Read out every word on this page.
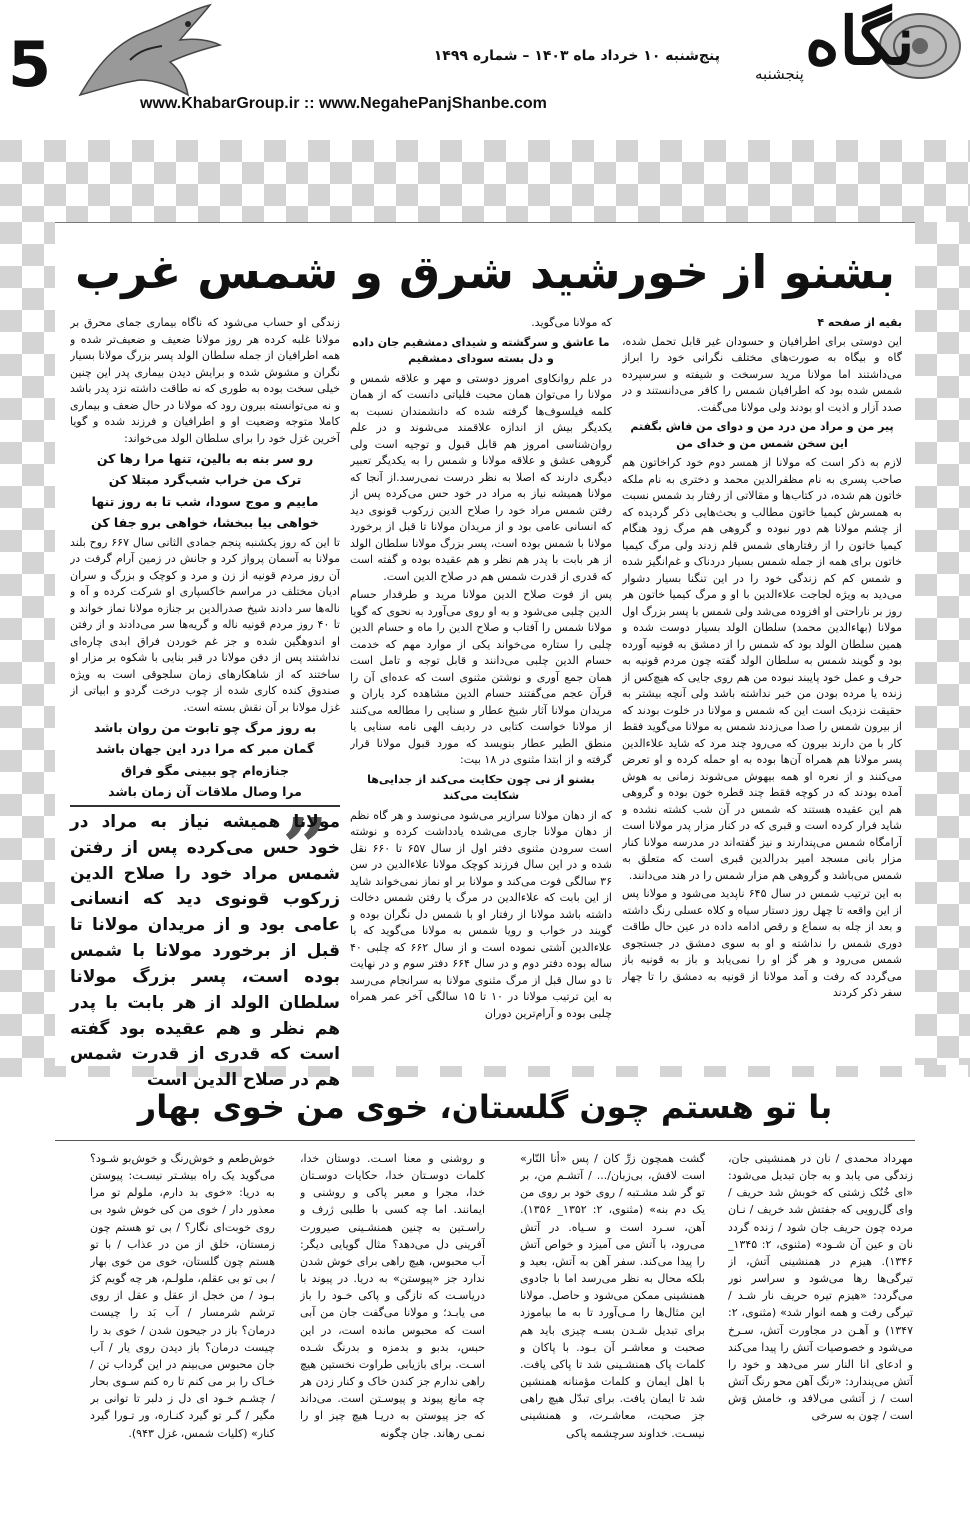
5	پنج‌شنبه ۱۰ خرداد ماه ۱۴۰۳ – شماره ۱۴۹۹
www.KhabarGroup.ir :: www.NegahePanjShanbe.com
نگاه
پنجشنبه
بشنو از خورشید شرق و شمس غرب

بقیه از صفحه ۴

این دوستی برای اطرافیان و حسودان غیر قابل تحمل شده، گاه و بیگاه به صورت‌های مختلف نگرانی خود را ابراز می‌داشتند اما مولانا مرید سرسخت و شیفته و سرسپرده شمس شده بود که اطرافیان شمس را کافر می‌دانستند و در صدد آزار و اذیت او بودند ولی مولانا می‌گفت.

پیر من و مراد من درد من و دوای من فاش بگفتم این سخن شمس من و خدای من

لازم به ذکر است که مولانا از همسر دوم خود کراخاتون هم صاحب پسری به نام مظفرالدین محمد و دختری به نام ملکه خاتون هم شده، در کتاب‌ها و مقالاتی از رفتار بد شمس نسبت به همسرش کیمیا خاتون مطالب و بحث‌هایی ذکر گردیده که از چشم مولانا هم دور نبوده و گروهی هم مرگ زود هنگام کیمیا خاتون را از رفتارهای شمس قلم زدند ولی مرگ کیمیا خاتون برای همه از جمله شمس بسیار دردناک و غم‌انگیز شده و شمس کم کم زندگی خود را در این تنگنا بسیار دشوار می‌دید به ویژه لجاجت علاءالدین با او و مرگ کیمیا خاتون هر روز بر ناراحتی او افزوده می‌شد ولی شمس با پسر بزرگ اول مولانا (بهاءالدین محمد) سلطان الولد بسیار دوست شده و همین سلطان الولد بود که شمس را از دمشق به قونیه آورده بود و گویند شمس به سلطان الولد گفته چون مردم قونیه به حرف و عمل خود پایبند نبوده من هم روی جایی که هیچ‌کس از زنده یا مرده بودن من خبر نداشته باشد ولی آنچه بیشتر به حقیقت نزدیک است این که شمس و مولانا در خلوت بودند که از بیرون شمس را صدا می‌زدند شمس به مولانا می‌گوید فقط کار با من دارند بیرون که می‌رود چند مرد که شاید علاءالدین پسر مولانا هم همراه آن‌ها بوده به او حمله کرده و او تعرض می‌کنند و از نعره او همه بیهوش می‌شوند زمانی به هوش آمده بودند که در کوچه فقط چند قطره خون بوده و گروهی هم این عقیده هستند که شمس در آن شب کشته نشده و شاید فرار کرده است و قبری که در کنار مزار پدر مولانا است آرامگاه شمس می‌پندارند و نیز گفته‌اند در مدرسه مولانا کنار مزار بانی مسجد امیر بدرالدین قبری است که متعلق به شمس می‌باشد و گروهی هم مزار شمس را در هند می‌دانند.

به این ترتیب شمس در سال ۶۴۵ ناپدید می‌شود و مولانا پس از این واقعه تا چهل روز دستار سیاه و کلاه عسلی رنگ داشته و بعد از چله به سماع و رقص ادامه داده در عین حال طاقت دوری شمس را نداشته و او به سوی دمشق در جستجوی شمس می‌رود و هر گز او را نمی‌یابد و باز به قونیه باز می‌گردد که رفت و آمد مولانا از قونیه به دمشق را تا چهار سفر ذکر کردند

که مولانا می‌گوید.

ما عاشق و سرگشته و شیدای دمشقیم جان داده و دل بسته سودای دمشقیم

در علم روانکاوی امروز دوستی و مهر و علاقه شمس و مولانا را می‌توان همان محبت فلیاتی دانست که از همان کلمه فیلسوف‌ها گرفته شده که دانشمندان نسبت به یکدیگر بیش از اندازه علاقمند می‌شوند و در علم روان‌شناسی امروز هم قابل قبول و توجیه است ولی گروهی عشق و علاقه مولانا و شمس را به یکدیگر تعبیر دیگری دارند که اصلا به نظر درست نمی‌رسد.از آنجا که مولانا همیشه نیاز به مراد در خود حس می‌کرده پس از رفتن شمس مراد خود را صلاح الدین زرکوب قونوی دید که انسانی عامی بود و از مریدان مولانا تا قبل از برخورد مولانا با شمس بوده است، پسر بزرگ مولانا سلطان الولد از هر بابت با پدر هم نظر و هم عقیده بوده و گفته است که قدری از قدرت شمس هم در صلاح الدین است.

پس از فوت صلاح الدین مولانا مرید و طرفدار حسام الدین چلبی می‌شود و به او روی می‌آورد به نحوی که گویا مولانا شمس را آفتاب و صلاح الدین را ماه و حسام الدین چلبی را ستاره می‌خواند یکی از موارد مهم که خدمت حسام الدین چلبی می‌دانند و قابل توجه و تامل است همان جمع آوری و نوشتن مثنوی است که عده‌ای آن را قرآن عجم می‌گفتند حسام الدین مشاهده کرد یاران و مریدان مولانا آثار شیخ عطار و سنایی را مطالعه می‌کنند از مولانا خواست کتابی در ردیف الهی نامه سنایی یا منطق الطیر عطار بنویسد که مورد قبول مولانا قرار گرفته و از ابتدا مثنوی در ۱۸ بیت:

بشنو از نی چون حکایت می‌کند از جدایی‌ها شکایت می‌کند

که از دهان مولانا سرازیر می‌شود می‌نوسد و هر گاه نظم از دهان مولانا جاری می‌شده یادداشت کرده و نوشته است سرودن مثنوی دفتر اول از سال ۶۵۷ تا ۶۶۰ نقل شده و در این سال فرزند کوچک مولانا علاءالدین در سن ۳۶ سالگی فوت می‌کند و مولانا بر او نماز نمی‌خواند شاید از این بابت که علاءالدین در مرگ یا رفتن شمس دخالت داشته باشد مولانا از رفتار او با شمس دل نگران بوده و گویند در خواب و رویا شمس به مولانا می‌گوید که با علاءالدین آشتی نموده است و از سال ۶۶۲ که چلبی ۴۰ ساله بوده دفتر دوم و در سال ۶۶۴ دفتر سوم و در نهایت تا دو سال قبل از مرگ مثنوی مولانا به سرانجام می‌رسد به این ترتیب مولانا در ۱۰ تا ۱۵ سالگی آخر عمر همراه چلبی بوده و آرام‌ترین دوران

زندگی او حساب می‌شود که ناگاه بیماری جمای محرق بر مولانا غلبه کرده هر روز مولانا ضعیف و ضعیف‌تر شده و همه اطرافیان از جمله سلطان الولد پسر بزرگ مولانا بسیار نگران و مشوش شده و برایش دیدن بیماری پدر این چنین خیلی سخت بوده به طوری که نه طاقت داشته نزد پدر باشد و نه می‌توانسته بیرون رود که مولانا در حال ضعف و بیماری کاملا متوجه وضعیت او و اطرافیان و فرزند شده و گویا آخرین غزل خود را برای سلطان الولد می‌خواند:

رو سر بنه به بالین، تنها مرا رها کن

ترک من خراب شب‌گرد مبتلا کن

ماییم و موج سودا، شب تا به روز تنها

خواهی بیا ببخشا، خواهی برو جفا کن

تا این که روز یکشنبه پنجم جمادی الثانی سال ۶۶۷ روح بلند مولانا به آسمان پرواز کرد و جانش در زمین آرام گرفت در آن روز مردم قونیه از زن و مرد و کوچک و بزرگ و سران ادیان مختلف در مراسم خاکسپاری او شرکت کرده و آه و ناله‌ها سر دادند شیخ صدرالدین بر جنازه مولانا نماز خواند و تا ۴۰ روز مردم قونیه ناله و گریه‌ها سر می‌دادند و از رفتن او اندوهگین شده و جز غم خوردن فراق ابدی چاره‌ای نداشتند پس از دفن مولانا در قبر بنایی با شکوه بر مزار او ساختند که از شاهکارهای زمان سلجوقی است به ویژه صندوق کنده کاری شده از چوب درخت گردو و ابیاتی از غزل مولانا بر آن نقش بسته است.

به روز مرگ چو تابوت من روان باشد

گمان مبر که مرا درد این جهان باشد

جنازه‌ام چو ببینی مگو فراق

مرا وصال ملاقات آن زمان باشد

”
مولانا همیشه نیاز به مراد در خود حس می‌کرده پس از رفتن شمس مراد خود را صلاح الدین زرکوب قونوی دید که انسانی عامی بود و از مریدان مولانا تا قبل از برخورد مولانا با شمس بوده است، پسر بزرگ مولانا سلطان الولد از هر بابت با پدر هم نظر و هم عقیده بود گفته است که قدری از قدرت شمس هم در صلاح الدین است
با تو هستم چون گلستان، خوی من خوی بهار
مهرداد محمدی / نان در همنشینی جان، زندگی می یابد و به جان تبدیل می‌شود: «ای خُنُک زشتی که خوبش شد حریف / وای گل‌رویی که جفتش شد خریف / نـان مرده چون حریف جان شود / زنده گردد نان و عین آن شـود» (مثنوی، ۲: ۱۳۴۵_ ۱۳۴۶). هیزم در همنشینی آتش، از تیرگی‌ها رها می‌شود و سراسر نور می‌گردد: «هیزم تیره حریف نار شـد / تیرگی رفت و همه انوار شد» (مثنوی، ۲: ۱۳۴۷) و آهـن در مجاورت آتش، سـرخ می‌شود و خصوصیات آتش را پیدا می‌کند و ادعای انا النار سر می‌دهد و خود را آتش می‌پندارد: «رنگ آهن محو رنگ آتش است / ز آتشی می‌لافد و، خامش وَش است / چون به سرخی
گشت همچون زرِّ کان / پس «أنا النّار» است لافش، بی‌زبان/... / آتشـم من، بر تو گر شد مشـتبه / روی خود بر روی من یک دم بنه» (مثنوی، ۲: ۱۳۵۲_ ۱۳۵۶). آهن، سـرد است و سـیاه. در آتش می‌رود، با آتش می آمیزد و خواص آتش را پیدا می‌کند. سفر آهن به آتش، بعید و بلکه محال به نظر می‌رسد اما با جادوی همنشینی ممکن می‌شود و حاصل. مولانا این مثال‌ها را مـی‌آورد تا به ما بیاموزد برای تبدیل شـدن بسـه چیزی باید هم صحبت و معاشـر آن بـود. با پاکان و کلمات پاک همنشـینی شد تا پاکی یافت. با اهل ایمان و کلمات مؤمنانه همنشین شد تا ایمان یافت. برای تبدّل هیچ راهی جز صحبت، معاشـرت، و همنشینی نیسـت. خداوند سرچشمه پاکی
و روشنی و معنا اسـت. دوستان خدا، کلمات دوسـتان خدا، حکایات دوسـتان خدا، مجرا و معبر پاکی و روشنی و ایمانند. اما چه کسی با طلبی ژرف و راسـتین به چنین همنشـینی صیرورت‌ آفرینی دل می‌دهد؟ مثال گویایی دیگر: آب محبوس، هیچ راهی برای خوش شدن ندارد جز «پیوستن» به دریا. در پیوند با دریاسـت که تازگی و پاکی خـود را باز می یابـد؛ و مولانا می‌گفت جان من آبی است که محبوس مانده است، در این حبس، بدبو و بدمزه و بدرنگ شـده اسـت. برای بازیابی طراوت نخستین هیچ راهی ندارم جز کندن خاک و کنار زدن هر چه مانع پیوند و پیوسـتن است. می‌داند که جز پیوستن به دریـا هیچ چیز او را نمـی رهاند. جان چگونه
خوش‌طعم و خوش‌رنگ و خوش‌بو شـود؟ می‌گوید یک راه بیشـتر نیسـت: پیوستن به دریا: «خوی بد دارم، ملولم تو مرا معذور دار / خوی من کی خوش شود بی روی خوبت‌ای نگار؟ / بی تو هستم چون زمستان، خلق از من در عذاب / با تو هستم چون گلستان، خوی من خوی بهار / بی تو بی عقلم، ملولـم، هر چه گویم کژ بـود / من خجل از عقل و عقل از روی ترشم شرمسار / آب بَد را چیست درمان؟ باز در جیحون شدن / خوی بد را چیست درمان؟ باز دیدن روی یار / آب جان محبوس می‌بینم در این گرداب تن / خـاک را بر می کنم تا ره کنم سـوی بحار / چشـم خـود ای دل ز دلبر تا توانی بر مگیر / گـر تو گیرد کنـاره، ور تـورا گیرد کنار» (کلیات شمس، غزل ۹۴۳).
